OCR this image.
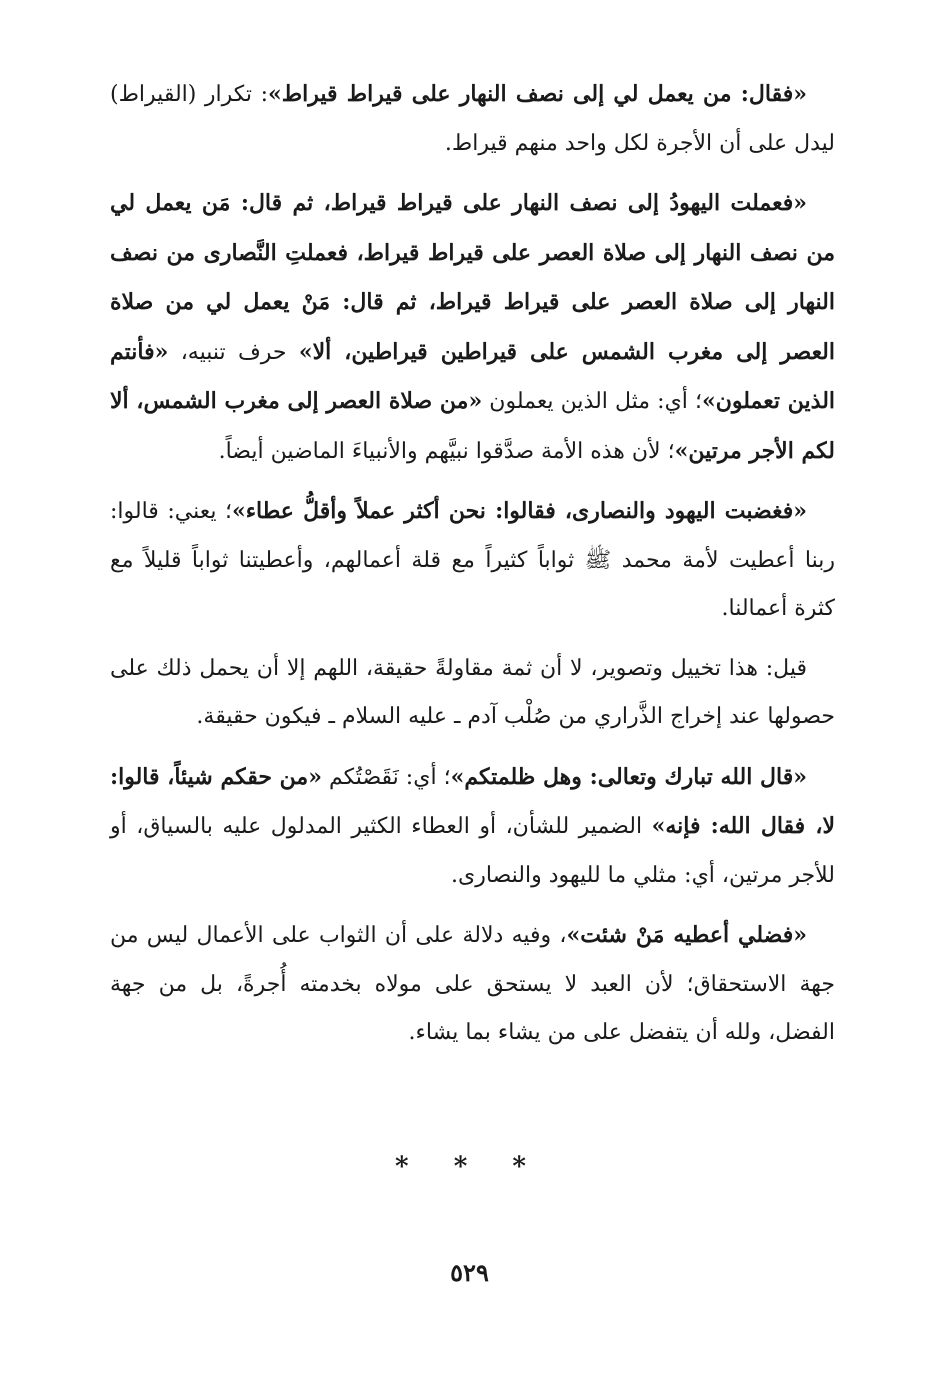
«فقال: من يعمل لي إلى نصف النهار على قيراط قيراط»: تكرار (القيراط) ليدل على أن الأجرة لكل واحد منهم قيراط.

«فعملت اليهودُ إلى نصف النهار على قيراط قيراط، ثم قال: مَن يعمل لي من نصف النهار إلى صلاة العصر على قيراط قيراط، فعملتِ النَّصارى من نصف النهار إلى صلاة العصر على قيراط قيراط، ثم قال: مَنْ يعمل لي من صلاة العصر إلى مغرب الشمس على قيراطين قيراطين، ألا» حرف تنبيه، «فأنتم الذين تعملون»؛ أي: مثل الذين يعملون «من صلاة العصر إلى مغرب الشمس، ألا لكم الأجر مرتين»؛ لأن هذه الأمة صدَّقوا نبيَّهم والأنبياءَ الماضين أيضاً.

«فغضبت اليهود والنصارى، فقالوا: نحن أكثر عملاً وأقلُّ عطاء»؛ يعني: قالوا: ربنا أعطيت لأمة محمد ﷺ ثواباً كثيراً مع قلة أعمالهم، وأعطيتنا ثواباً قليلاً مع كثرة أعمالنا.

قيل: هذا تخييل وتصوير، لا أن ثمة مقاولةً حقيقة، اللهم إلا أن يحمل ذلك على حصولها عند إخراج الذَّراري من صُلْب آدم ـ عليه السلام ـ فيكون حقيقة.

«قال الله تبارك وتعالى: وهل ظلمتكم»؛ أي: نَقَصْتُكم «من حقكم شيئاً، قالوا: لا، فقال الله: فإنه» الضمير للشأن، أو العطاء الكثير المدلول عليه بالسياق، أو للأجر مرتين، أي: مثلي ما لليهود والنصارى.

«فضلي أعطيه مَنْ شئت»، وفيه دلالة على أن الثواب على الأعمال ليس من جهة الاستحقاق؛ لأن العبد لا يستحق على مولاه بخدمته أُجرةً، بل من جهة الفضل، ولله أن يتفضل على من يشاء بما يشاء.

* * *
٥٢٩
